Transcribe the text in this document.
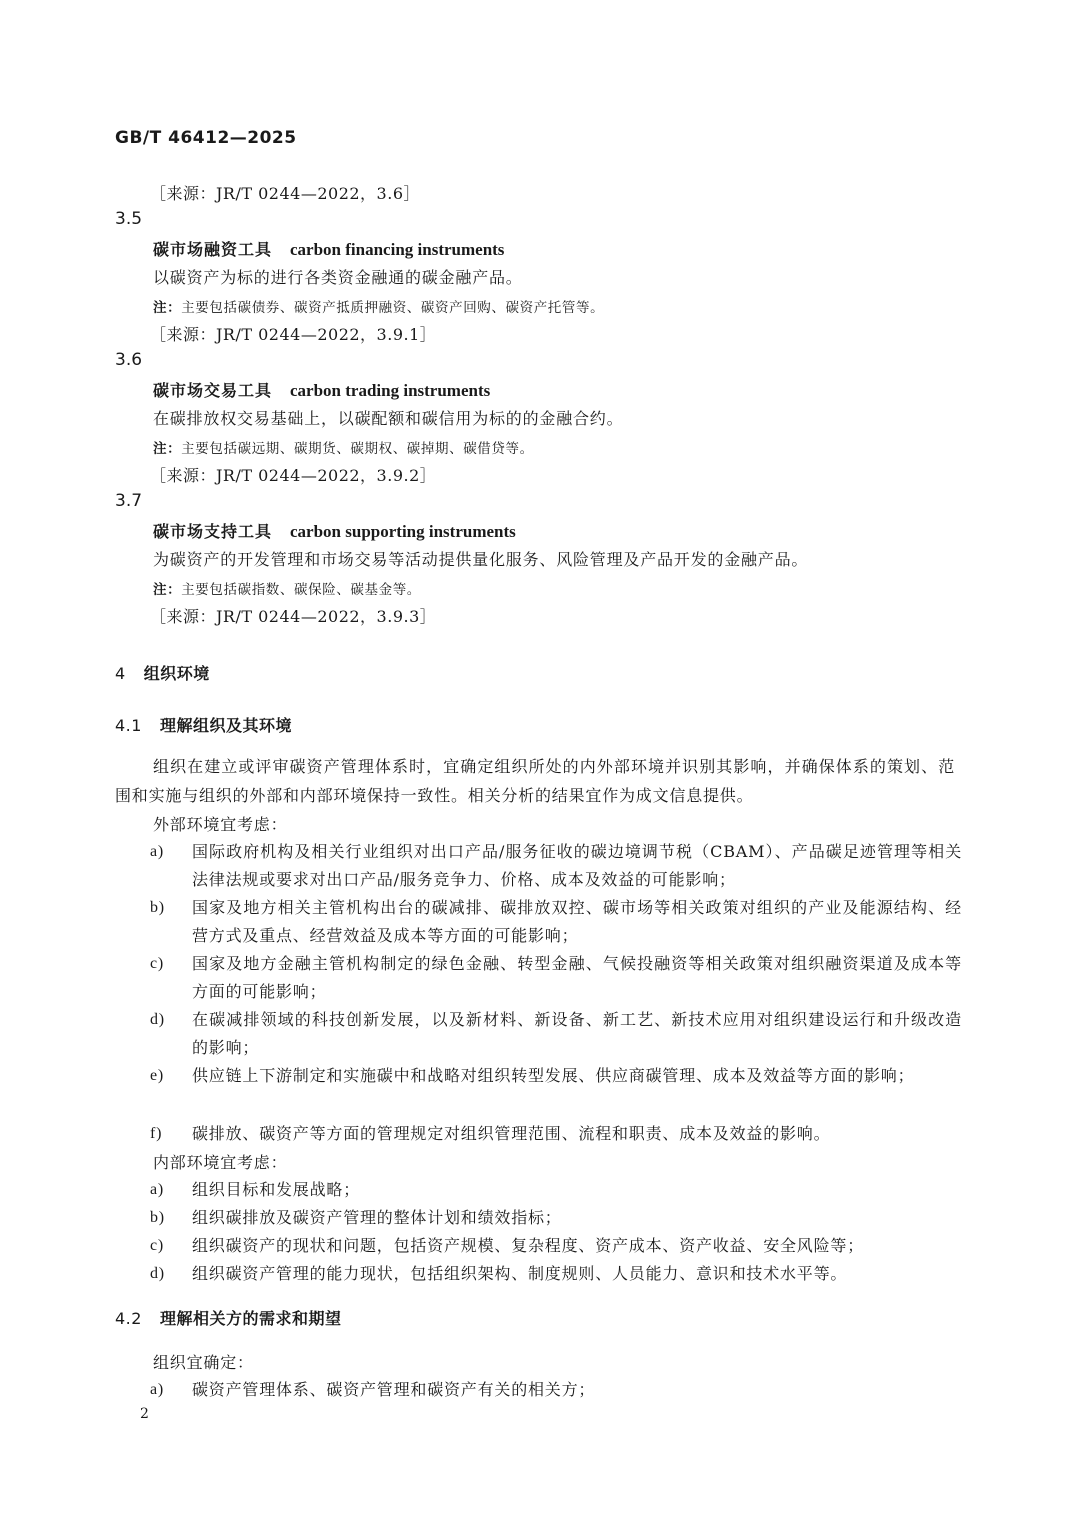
GB/T 46412—2025
［来源：JR/T 0244—2022，3.6］
3.5
碳市场融资工具 carbon financing instruments
以碳资产为标的进行各类资金融通的碳金融产品。
注：主要包括碳债券、碳资产抵质押融资、碳资产回购、碳资产托管等。
［来源：JR/T 0244—2022，3.9.1］
3.6
碳市场交易工具 carbon trading instruments
在碳排放权交易基础上，以碳配额和碳信用为标的的金融合约。
注：主要包括碳远期、碳期货、碳期权、碳掉期、碳借贷等。
［来源：JR/T 0244—2022，3.9.2］
3.7
碳市场支持工具 carbon supporting instruments
为碳资产的开发管理和市场交易等活动提供量化服务、风险管理及产品开发的金融产品。
注：主要包括碳指数、碳保险、碳基金等。
［来源：JR/T 0244—2022，3.9.3］
4 组织环境
4.1 理解组织及其环境
组织在建立或评审碳资产管理体系时，宜确定组织所处的内外部环境并识别其影响，并确保体系的策划、范围和实施与组织的外部和内部环境保持一致性。相关分析的结果宜作为成文信息提供。
外部环境宜考虑：
a) 国际政府机构及相关行业组织对出口产品/服务征收的碳边境调节税（CBAM）、产品碳足迹管理等相关法律法规或要求对出口产品/服务竞争力、价格、成本及效益的可能影响；
b) 国家及地方相关主管机构出台的碳减排、碳排放双控、碳市场等相关政策对组织的产业及能源结构、经营方式及重点、经营效益及成本等方面的可能影响；
c) 国家及地方金融主管机构制定的绿色金融、转型金融、气候投融资等相关政策对组织融资渠道及成本等方面的可能影响；
d) 在碳减排领域的科技创新发展，以及新材料、新设备、新工艺、新技术应用对组织建设运行和升级改造的影响；
e) 供应链上下游制定和实施碳中和战略对组织转型发展、供应商碳管理、成本及效益等方面的影响；
f) 碳排放、碳资产等方面的管理规定对组织管理范围、流程和职责、成本及效益的影响。
内部环境宜考虑：
a) 组织目标和发展战略；
b) 组织碳排放及碳资产管理的整体计划和绩效指标；
c) 组织碳资产的现状和问题，包括资产规模、复杂程度、资产成本、资产收益、安全风险等；
d) 组织碳资产管理的能力现状，包括组织架构、制度规则、人员能力、意识和技术水平等。
4.2 理解相关方的需求和期望
组织宜确定：
a) 碳资产管理体系、碳资产管理和碳资产有关的相关方；
2
